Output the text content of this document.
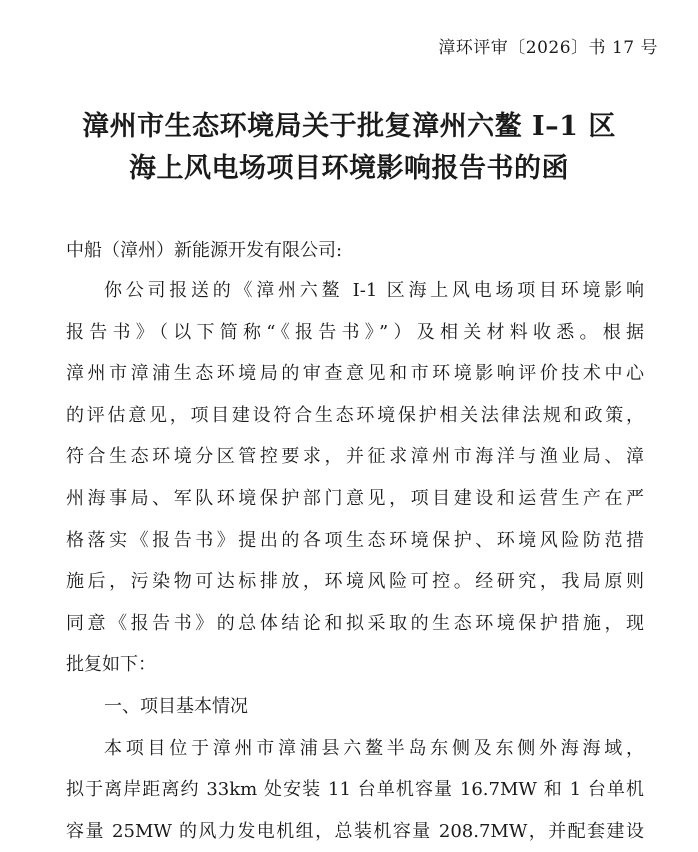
漳环评审〔2026〕书 17 号
漳州市生态环境局关于批复漳州六鳌 I–1 区
海上风电场项目环境影响报告书的函
中船（漳州）新能源开发有限公司:
你公司报送的《漳州六鳌 I-1 区海上风电场项目环境影响
报告书》（以下简称“《报告书》”）及相关材料收悉。根据
漳州市漳浦生态环境局的审查意见和市环境影响评价技术中心
的评估意见，项目建设符合生态环境保护相关法律法规和政策，
符合生态环境分区管控要求，并征求漳州市海洋与渔业局、漳
州海事局、军队环境保护部门意见，项目建设和运营生产在严
格落实《报告书》提出的各项生态环境保护、环境风险防范措
施后，污染物可达标排放，环境风险可控。经研究，我局原则
同意《报告书》的总体结论和拟采取的生态环境保护措施，现
批复如下：
一、项目基本情况
本项目位于漳州市漳浦县六鳌半岛东侧及东侧外海海域，
拟于离岸距离约 33km 处安装 11 台单机容量 16.7MW 和 1 台单机
容量 25MW 的风力发电机组，总装机容量 208.7MW，并配套建设
